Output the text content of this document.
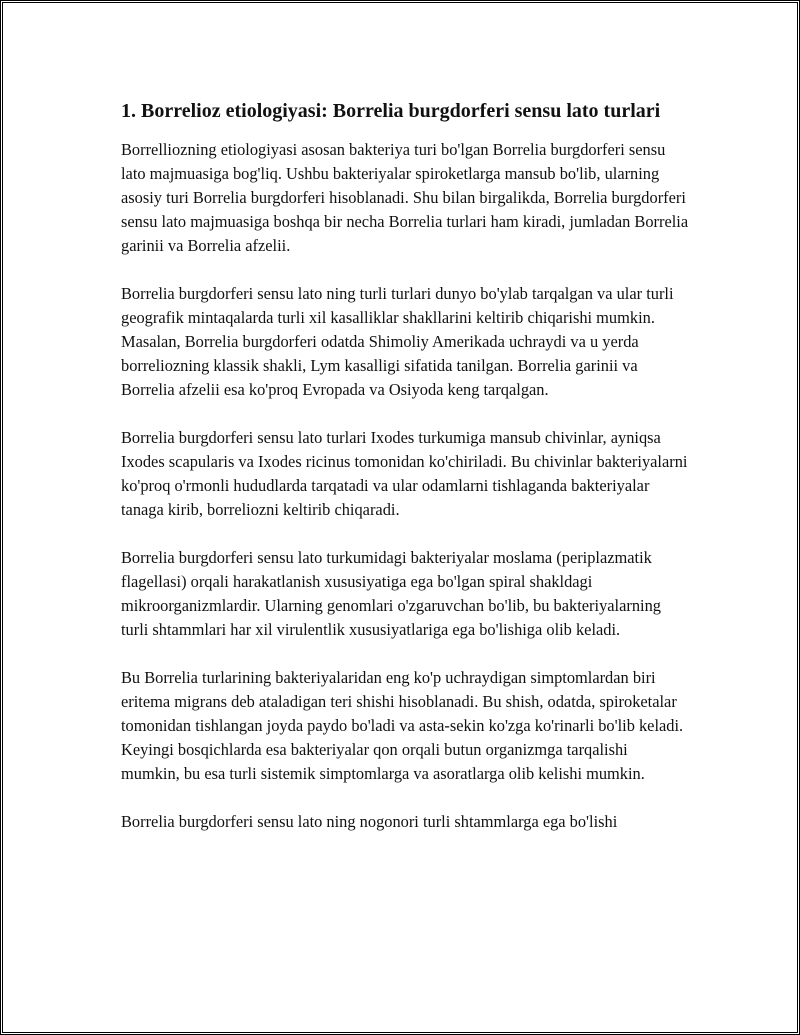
1. Borrelioz etiologiyasi: Borrelia burgdorferi sensu lato turlari

Borrelliozning etiologiyasi asosan bakteriya turi bo'lgan Borrelia burgdorferi sensu lato majmuasiga bog'liq. Ushbu bakteriyalar spiroketlarga mansub bo'lib, ularning asosiy turi Borrelia burgdorferi hisoblanadi. Shu bilan birgalikda, Borrelia burgdorferi sensu lato majmuasiga boshqa bir necha Borrelia turlari ham kiradi, jumladan Borrelia garinii va Borrelia afzelii.

Borrelia burgdorferi sensu lato ning turli turlari dunyo bo'ylab tarqalgan va ular turli geografik mintaqalarda turli xil kasalliklar shakllarini keltirib chiqarishi mumkin. Masalan, Borrelia burgdorferi odatda Shimoliy Amerikada uchraydi va u yerda borreliozning klassik shakli, Lym kasalligi sifatida tanilgan. Borrelia garinii va Borrelia afzelii esa ko'proq Evropada va Osiyoda keng tarqalgan.

Borrelia burgdorferi sensu lato turlari Ixodes turkumiga mansub chivinlar, ayniqsa Ixodes scapularis va Ixodes ricinus tomonidan ko'chiriladi. Bu chivinlar bakteriyalarni ko'proq o'rmonli hududlarda tarqatadi va ular odamlarni tishlaganda bakteriyalar tanaga kirib, borreliozni keltirib chiqaradi.

Borrelia burgdorferi sensu lato turkumidagi bakteriyalar moslama (periplazmatik flagellasi) orqali harakatlanish xususiyatiga ega bo'lgan spiral shakldagi mikroorganizmlardir. Ularning genomlari o'zgaruvchan bo'lib, bu bakteriyalarning turli shtammlari har xil virulentlik xususiyatlariga ega bo'lishiga olib keladi.

Bu Borrelia turlarining bakteriyalaridan eng ko'p uchraydigan simptomlardan biri eritema migrans deb ataladigan teri shishi hisoblanadi. Bu shish, odatda, spiroketalar tomonidan tishlangan joyda paydo bo'ladi va asta-sekin ko'zga ko'rinarli bo'lib keladi. Keyingi bosqichlarda esa bakteriyalar qon orqali butun organizmga tarqalishi mumkin, bu esa turli sistemik simptomlarga va asoratlarga olib kelishi mumkin.

Borrelia burgdorferi sensu lato ning nogonori turli shtammlarga ega bo'lishi
